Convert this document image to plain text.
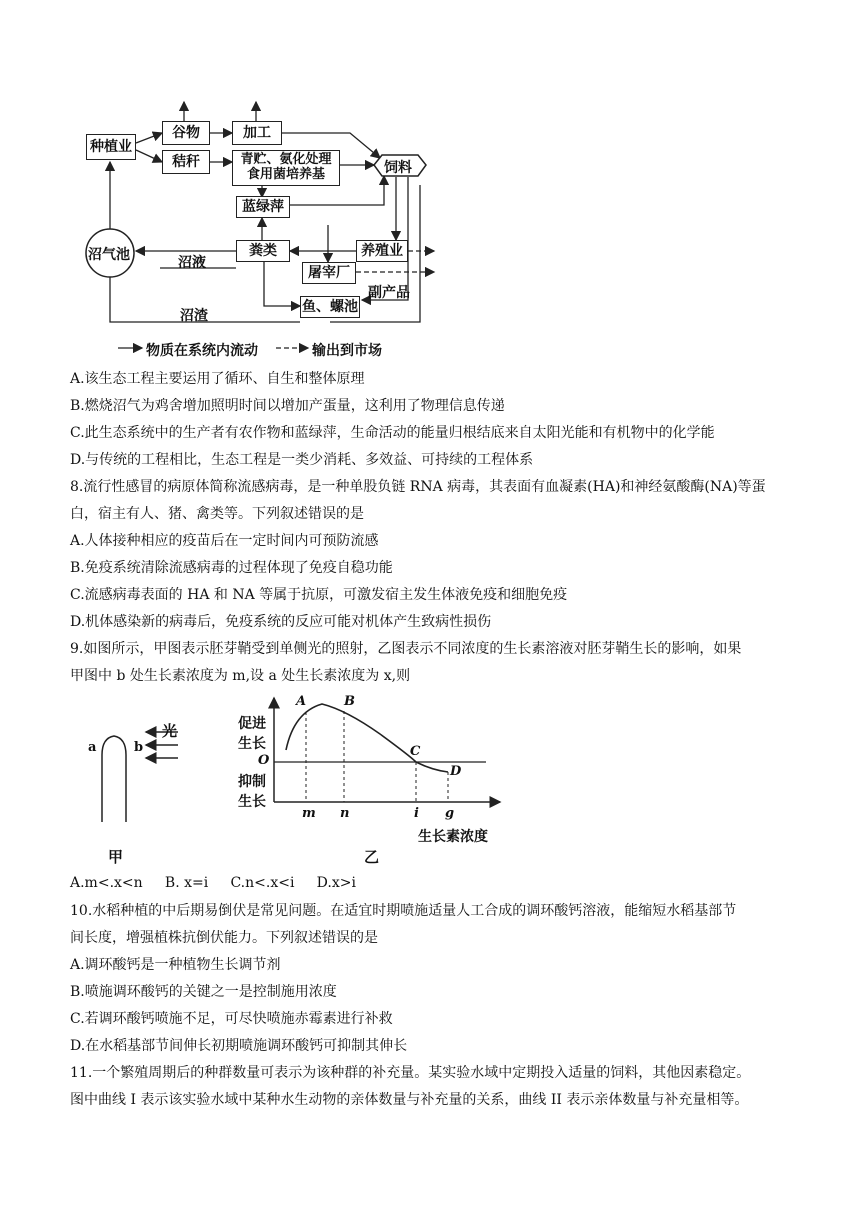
种植业
谷物
秸秆
加工
青贮、氨化处理
食用菌培养基	饲料
蓝绿萍
沼气池	粪类	养殖业
屠宰厂
鱼、螺池
沼液
沼渣
副产品
物质在系统内流动	输出到市场
A.该生态工程主要运用了循环、自生和整体原理
B.燃烧沼气为鸡舍增加照明时间以增加产蛋量，这利用了物理信息传递
C.此生态系统中的生产者有农作物和蓝绿萍，生命活动的能量归根结底来自太阳光能和有机物中的化学能
D.与传统的工程相比，生态工程是一类少消耗、多效益、可持续的工程体系
8.流行性感冒的病原体简称流感病毒，是一种单股负链 RNA 病毒，其表面有血凝素(HA)和神经氨酸酶(NA)等蛋
白，宿主有人、猪、禽类等。下列叙述错误的是
A.人体接种相应的疫苗后在一定时间内可预防流感
B.免疫系统清除流感病毒的过程体现了免疫自稳功能
C.流感病毒表面的 HA 和 NA 等属于抗原，可激发宿主发生体液免疫和细胞免疫
D.机体感染新的病毒后，免疫系统的反应可能对机体产生致病性损伤
9.如图所示，甲图表示胚芽鞘受到单侧光的照射，乙图表示不同浓度的生长素溶液对胚芽鞘生长的影响，如果
甲图中 b 处生长素浓度为 m,设 a 处生长素浓度为 x,则
光
a	b
甲
促进
生长
抑制
生长
O
A	B
C
D
m n	i g
生长素浓度
乙
A.m<.x<n     B. x=i     C.n<.x<i     D.x>i
10.水稻种植的中后期易倒伏是常见问题。在适宜时期喷施适量人工合成的调环酸钙溶液，能缩短水稻基部节
间长度，增强植株抗倒伏能力。下列叙述错误的是
A.调环酸钙是一种植物生长调节剂
B.喷施调环酸钙的关键之一是控制施用浓度
C.若调环酸钙喷施不足，可尽快喷施赤霉素进行补救
D.在水稻基部节间伸长初期喷施调环酸钙可抑制其伸长
11.一个繁殖周期后的种群数量可表示为该种群的补充量。某实验水域中定期投入适量的饲料，其他因素稳定。
图中曲线 I 表示该实验水域中某种水生动物的亲体数量与补充量的关系，曲线 II 表示亲体数量与补充量相等。
